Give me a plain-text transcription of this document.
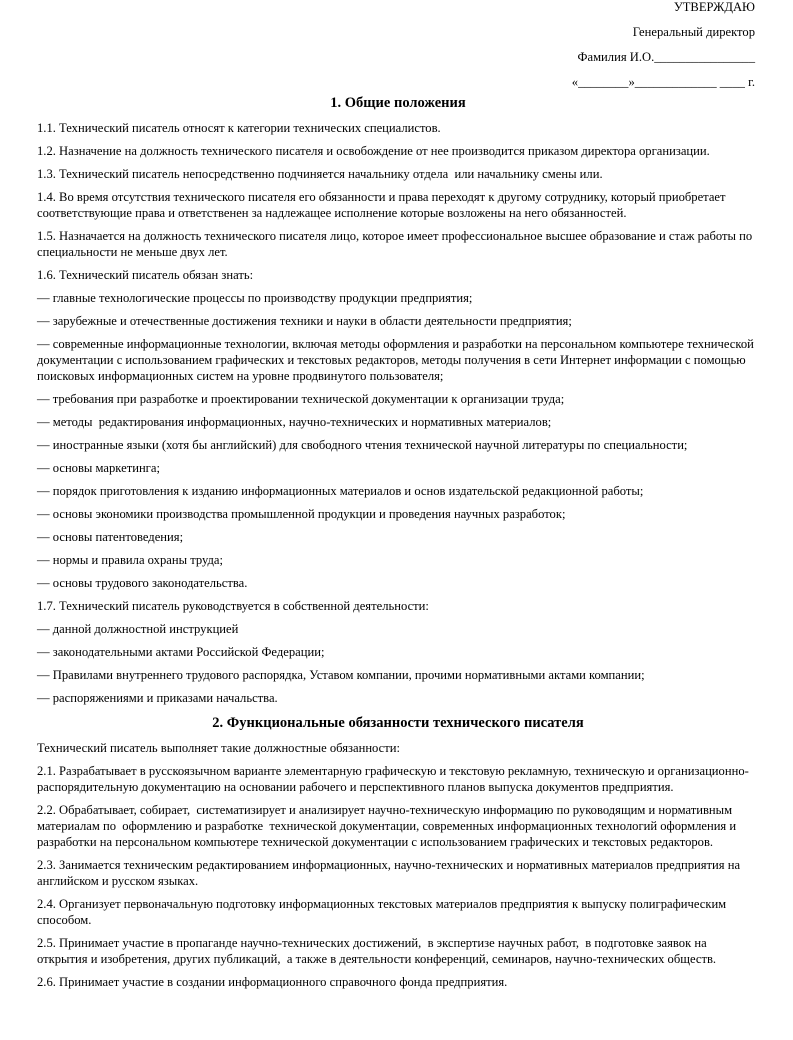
УТВЕРЖДАЮ
Генеральный директор
Фамилия И.О.________________
«________»_____________ ____ г.
1. Общие положения

1.1. Технический писатель относят к категории технических специалистов.

1.2. Назначение на должность технического писателя и освобождение от нее производится приказом директора организации.

1.3. Технический писатель непосредственно подчиняется начальнику отдела  или начальнику смены или.

1.4. Во время отсутствия технического писателя его обязанности и права переходят к другому сотруднику, который приобретает соответствующие права и ответственен за надлежащее исполнение которые возложены на него обязанностей.

1.5. Назначается на должность технического писателя лицо, которое имеет профессиональное высшее образование и стаж работы по специальности не меньше двух лет.

1.6. Технический писатель обязан знать:

— главные технологические процессы по производству продукции предприятия;

— зарубежные и отечественные достижения техники и науки в области деятельности предприятия;

— современные информационные технологии, включая методы оформления и разработки на персональном компьютере технической документации с использованием графических и текстовых редакторов, методы получения в сети Интернет информации с помощью поисковых информационных систем на уровне продвинутого пользователя;

— требования при разработке и проектировании технической документации к организации труда;

— методы  редактирования информационных, научно-технических и нормативных материалов;

— иностранные языки (хотя бы английский) для свободного чтения технической научной литературы по специальности;

— основы маркетинга;

— порядок приготовления к изданию информационных материалов и основ издательской редакционной работы;

— основы экономики производства промышленной продукции и проведения научных разработок;

— основы патентоведения;

— нормы и правила охраны труда;

— основы трудового законодательства.

1.7. Технический писатель руководствуется в собственной деятельности:

— данной должностной инструкцией

— законодательными актами Российской Федерации;

— Правилами внутреннего трудового распорядка, Уставом компании, прочими нормативными актами компании;

— распоряжениями и приказами начальства.

2. Функциональные обязанности технического писателя

Технический писатель выполняет такие должностные обязанности:

2.1. Разрабатывает в русскоязычном варианте элементарную графическую и текстовую рекламную, техническую и организационно-распорядительную документацию на основании рабочего и перспективного планов выпуска документов предприятия.

2.2. Обрабатывает, собирает,  систематизирует и анализирует научно-техническую информацию по руководящим и нормативным материалам по  оформлению и разработке  технической документации, современных информационных технологий оформления и разработки на персональном компьютере технической документации с использованием графических и текстовых редакторов.

2.3. Занимается техническим редактированием информационных, научно-технических и нормативных материалов предприятия на английском и русском языках.

2.4. Организует первоначальную подготовку информационных текстовых материалов предприятия к выпуску полиграфическим способом.

2.5. Принимает участие в пропаганде научно-технических достижений,  в экспертизе научных работ,  в подготовке заявок на открытия и изобретения, других публикаций,  а также в деятельности конференций, семинаров, научно-технических обществ.

2.6. Принимает участие в создании информационного справочного фонда предприятия.
